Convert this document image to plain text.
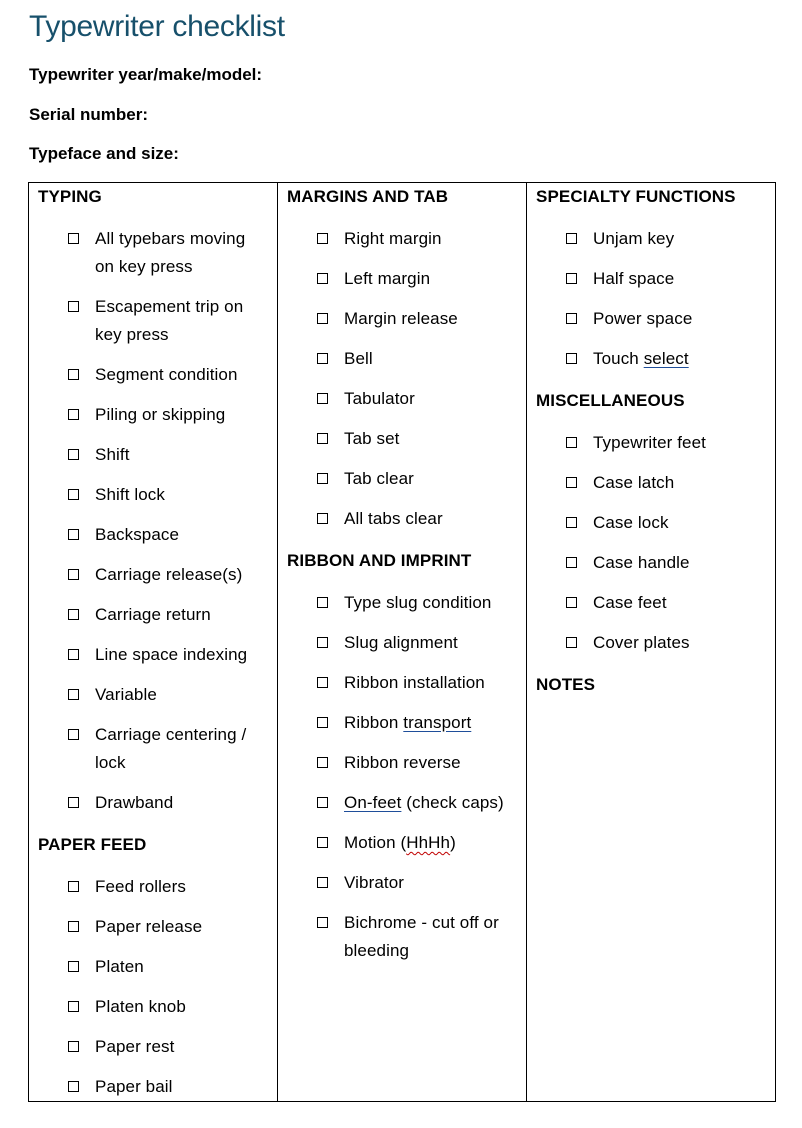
Typewriter checklist
Typewriter year/make/model:
Serial number:
Typeface and size:
TYPING
All typebars moving on key press
Escapement trip on key press
Segment condition
Piling or skipping
Shift
Shift lock
Backspace
Carriage release(s)
Carriage return
Line space indexing
Variable
Carriage centering / lock
Drawband
PAPER FEED
Feed rollers
Paper release
Platen
Platen knob
Paper rest
Paper bail
MARGINS AND TAB
Right margin
Left margin
Margin release
Bell
Tabulator
Tab set
Tab clear
All tabs clear
RIBBON AND IMPRINT
Type slug condition
Slug alignment
Ribbon installation
Ribbon transport
Ribbon reverse
On-feet (check caps)
Motion (HhHh)
Vibrator
Bichrome - cut off or bleeding
SPECIALTY FUNCTIONS
Unjam key
Half space
Power space
Touch select
MISCELLANEOUS
Typewriter feet
Case latch
Case lock
Case handle
Case feet
Cover plates
NOTES
